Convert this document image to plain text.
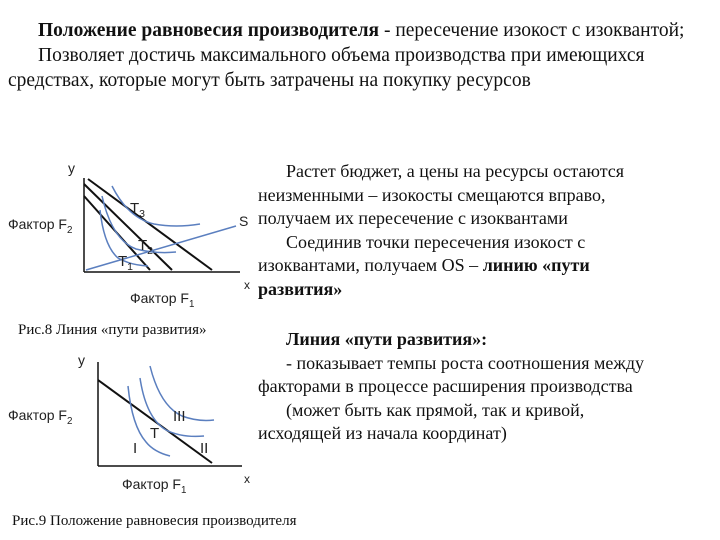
Положение равновесия производителя - пересечение изокост с изоквантой;

Позволяет достичь максимального объема производства при имеющихся средствах, которые могут быть затрачены на покупку ресурсов

y
Фактор $F_2$
$T_3$
$T_2$
$T_1$
S
x
Фактор $F_1$
Рис.8 Линия «пути развития»
y
Фактор $F_2$	III
T
I	II
x
Фактор $F_1$
Рис.9 Положение равновесия производителя

Растет бюджет, а цены на ресурсы остаются неизменными – изокосты смещаются вправо, получаем их пересечение с изоквантами

Соединив точки пересечения изокост с изоквантами, получаем OS – линию «пути развития»

Линия «пути развития»:

- показывает темпы роста соотношения между факторами в процессе расширения производства

(может быть как прямой, так и кривой, исходящей из начала координат)
